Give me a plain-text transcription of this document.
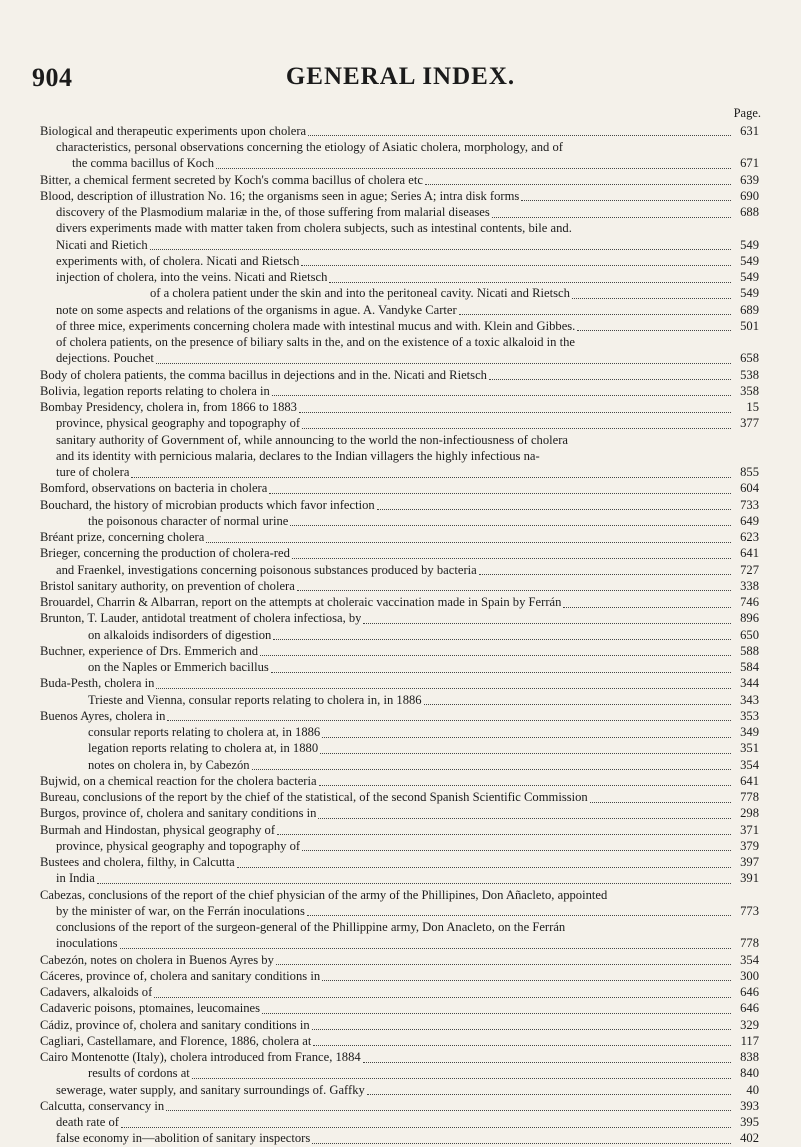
904	GENERAL INDEX.
Page.
Biological and therapeutic experiments upon cholera	631
characteristics, personal observations concerning the etiology of Asiatic cholera, morphology, and of
the comma bacillus of Koch	671
Bitter, a chemical ferment secreted by Koch's comma bacillus of cholera etc	639
Blood, description of illustration No. 16; the organisms seen in ague; Series A; intra disk forms	690
discovery of the Plasmodium malariæ in the, of those suffering from malarial diseases	688
divers experiments made with matter taken from cholera subjects, such as intestinal contents, bile and.
Nicati and Rietich	549
experiments with, of cholera. Nicati and Rietsch	549
injection of cholera, into the veins. Nicati and Rietsch	549
of a cholera patient under the skin and into the peritoneal cavity. Nicati and Rietsch	549
note on some aspects and relations of the organisms in ague. A. Vandyke Carter	689
of three mice, experiments concerning cholera made with intestinal mucus and with. Klein and Gibbes.	501
of cholera patients, on the presence of biliary salts in the, and on the existence of a toxic alkaloid in the
dejections. Pouchet	658
Body of cholera patients, the comma bacillus in dejections and in the. Nicati and Rietsch	538
Bolivia, legation reports relating to cholera in	358
Bombay Presidency, cholera in, from 1866 to 1883	15
province, physical geography and topography of	377
sanitary authority of Government of, while announcing to the world the non-infectiousness of cholera
and its identity with pernicious malaria, declares to the Indian villagers the highly infectious na-
ture of cholera	855
Bomford, observations on bacteria in cholera	604
Bouchard, the history of microbian products which favor infection	733
the poisonous character of normal urine	649
Bréant prize, concerning cholera	623
Brieger, concerning the production of cholera-red	641
and Fraenkel, investigations concerning poisonous substances produced by bacteria	727
Bristol sanitary authority, on prevention of cholera	338
Brouardel, Charrin & Albarran, report on the attempts at choleraic vaccination made in Spain by Ferrán	746
Brunton, T. Lauder, antidotal treatment of cholera infectiosa, by	896
on alkaloids indisorders of digestion	650
Buchner, experience of Drs. Emmerich and	588
on the Naples or Emmerich bacillus	584
Buda-Pesth, cholera in	344
Trieste and Vienna, consular reports relating to cholera in, in 1886	343
Buenos Ayres, cholera in	353
consular reports relating to cholera at, in 1886	349
legation reports relating to cholera at, in 1880	351
notes on cholera in, by Cabezón	354
Bujwid, on a chemical reaction for the cholera bacteria	641
Bureau, conclusions of the report by the chief of the statistical, of the second Spanish Scientific Commission	778
Burgos, province of, cholera and sanitary conditions in	298
Burmah and Hindostan, physical geography of	371
province, physical geography and topography of	379
Bustees and cholera, filthy, in Calcutta	397
in India	391
Cabezas, conclusions of the report of the chief physician of the army of the Phillipines, Don Añacleto, appointed
by the minister of war, on the Ferrán inoculations	773
conclusions of the report of the surgeon-general of the Phillippine army, Don Anacleto, on the Ferrán
inoculations	778
Cabezón, notes on cholera in Buenos Ayres by	354
Cáceres, province of, cholera and sanitary conditions in	300
Cadavers, alkaloids of	646
Cadaveric poisons, ptomaines, leucomaines	646
Cádiz, province of, cholera and sanitary conditions in	329
Cagliari, Castellamare, and Florence, 1886, cholera at	117
Cairo Montenotte (Italy), cholera introduced from France, 1884	838
results of cordons at	840
sewerage, water supply, and sanitary surroundings of. Gaffky	40
Calcutta, conservancy in	393
death rate of	395
false economy in—abolition of sanitary inspectors	402
